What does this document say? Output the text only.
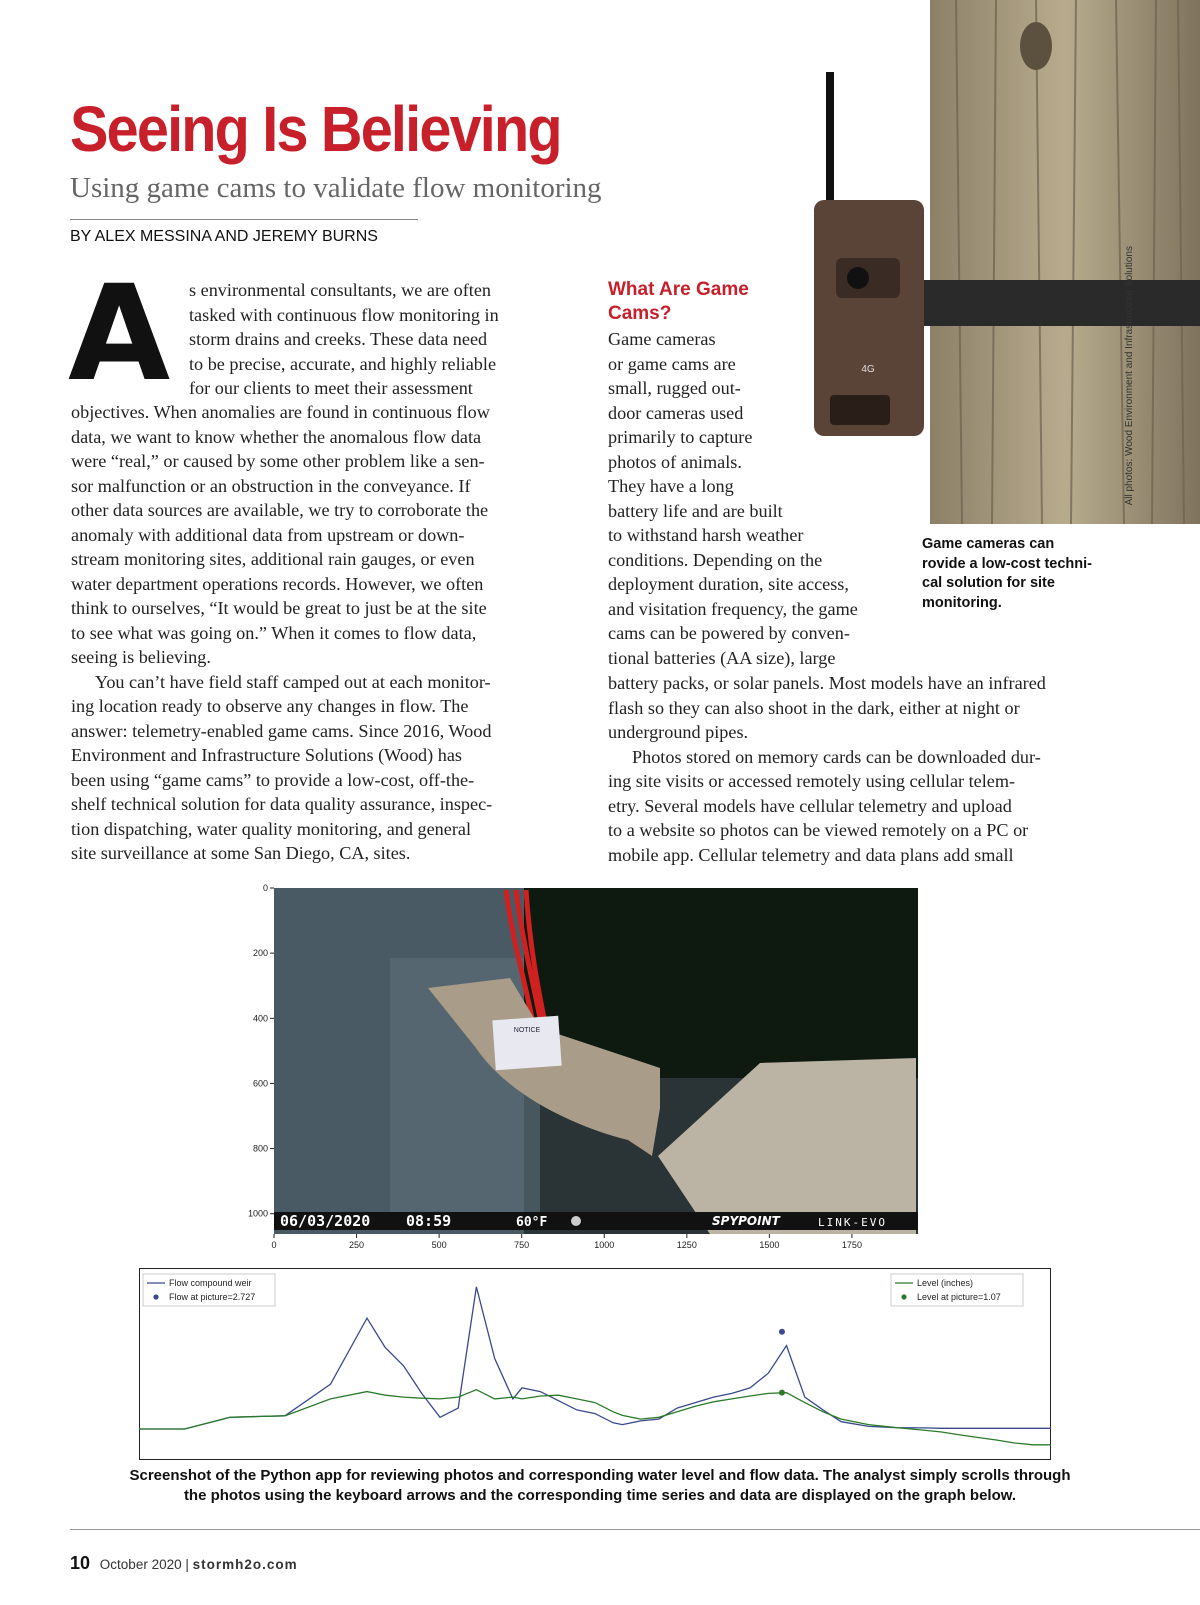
Seeing Is Believing
Using game cams to validate flow monitoring
BY ALEX MESSINA AND JEREMY BURNS
A s environmental consultants, we are often
tasked with continuous flow monitoring in
storm drains and creeks. These data need
to be precise, accurate, and highly reliable
for our clients to meet their assessment
objectives. When anomalies are found in continuous flow
data, we want to know whether the anomalous flow data
were “real,” or caused by some other problem like a sen-
sor malfunction or an obstruction in the conveyance. If
other data sources are available, we try to corroborate the
anomaly with additional data from upstream or down-
stream monitoring sites, additional rain gauges, or even
water department operations records. However, we often
think to ourselves, “It would be great to just be at the site
to see what was going on.” When it comes to flow data,
seeing is believing.
You can’t have field staff camped out at each monitor-
ing location ready to observe any changes in flow. The
answer: telemetry-enabled game cams. Since 2016, Wood
Environment and Infrastructure Solutions (Wood) has
been using “game cams” to provide a low-cost, off-the-
shelf technical solution for data quality assurance, inspec-
tion dispatching, water quality monitoring, and general
site surveillance at some San Diego, CA, sites.
What Are Game
Cams?
Game cameras
or game cams are
small, rugged out-
door cameras used
primarily to capture
photos of animals.
They have a long
battery life and are built
to withstand harsh weather
conditions. Depending on the
deployment duration, site access,
and visitation frequency, the game
cams can be powered by conven-
tional batteries (AA size), large
battery packs, or solar panels. Most models have an infrared
flash so they can also shoot in the dark, either at night or
underground pipes.
Photos stored on memory cards can be downloaded dur-
ing site visits or accessed remotely using cellular telem-
etry. Several models have cellular telemetry and upload
to a website so photos can be viewed remotely on a PC or
mobile app. Cellular telemetry and data plans add small
4G
Game cameras can
rovide a low-cost techni-
cal solution for site
monitoring.
All photos: Wood Environment and Infrastructure Solutions
NOTICE
06/03/2020 08:59	60°F	SPYPOINT	LINK-EVO
0
200
400
600
800
1000
0	250	500	750	1000	1250	1500	1750
Flow compound weir
Flow at picture=2.727
Level (inches)
Level at picture=1.07
Screenshot of the Python app for reviewing photos and corresponding water level and flow data. The analyst simply scrolls through
the photos using the keyboard arrows and the corresponding time series and data are displayed on the graph below.
10 October 2020 | stormh2o.com
